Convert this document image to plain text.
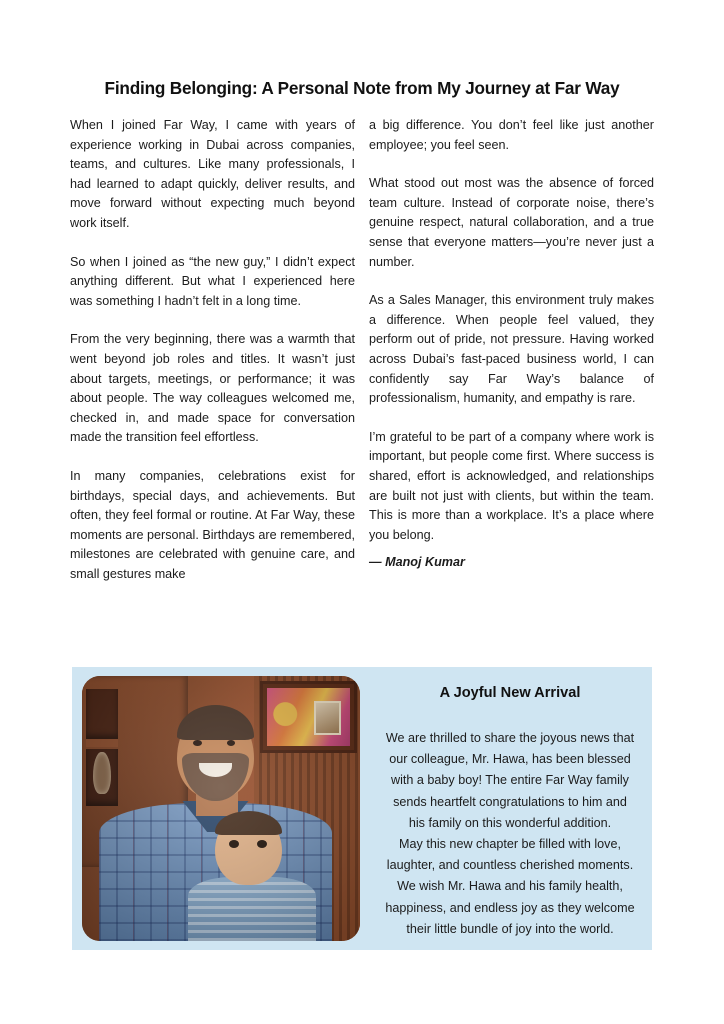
Finding Belonging: A Personal Note from My Journey at Far Way

When I joined Far Way, I came with years of experience working in Dubai across companies, teams, and cultures. Like many professionals, I had learned to adapt quickly, deliver results, and move forward without expecting much beyond work itself.

So when I joined as “the new guy,” I didn’t expect anything different. But what I experienced here was something I hadn’t felt in a long time.

From the very beginning, there was a warmth that went beyond job roles and titles. It wasn’t just about targets, meetings, or performance; it was about people. The way colleagues welcomed me, checked in, and made space for conversation made the transition feel effortless.

In many companies, celebrations exist for birthdays, special days, and achievements. But often, they feel formal or routine. At Far Way, these moments are personal. Birthdays are remembered, milestones are celebrated with genuine care, and small gestures make

a big difference. You don’t feel like just another employee; you feel seen.

What stood out most was the absence of forced team culture. Instead of corporate noise, there’s genuine respect, natural collaboration, and a true sense that everyone matters—you’re never just a number.

As a Sales Manager, this environment truly makes a difference. When people feel valued, they perform out of pride, not pressure. Having worked across Dubai’s fast-paced business world, I can confidently say Far Way’s balance of professionalism, humanity, and empathy is rare.

I’m grateful to be part of a company where work is important, but people come first. Where success is shared, effort is acknowledged, and relationships are built not just with clients, but within the team. This is more than a workplace. It’s a place where you belong.

— Manoj Kumar

A Joyful New Arrival
We are thrilled to share the joyous news that
our colleague, Mr. Hawa, has been blessed
with a baby boy! The entire Far Way family
sends heartfelt congratulations to him and
his family on this wonderful addition.
May this new chapter be filled with love,
laughter, and countless cherished moments.
We wish Mr. Hawa and his family health,
happiness, and endless joy as they welcome
their little bundle of joy into the world.
